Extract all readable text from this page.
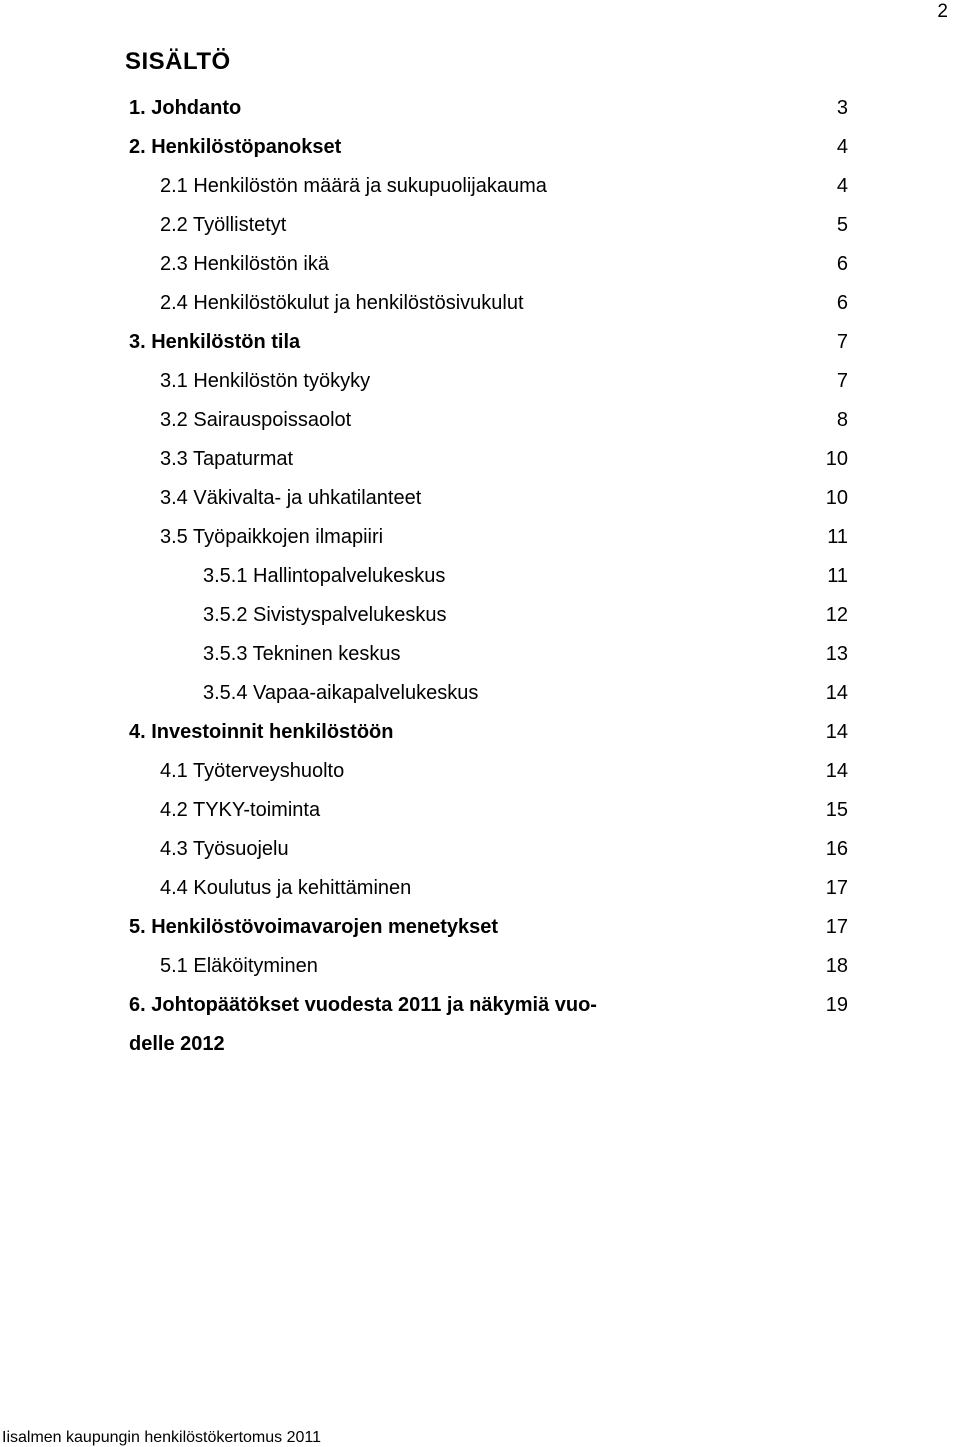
2
SISÄLTÖ
1. Johdanto	3
2. Henkilöstöpanokset	4
2.1 Henkilöstön määrä ja sukupuolijakauma	4
2.2 Työllistetyt	5
2.3 Henkilöstön ikä	6
2.4 Henkilöstökulut ja henkilöstösivukulut	6
3. Henkilöstön tila	7
3.1 Henkilöstön työkyky	7
3.2 Sairauspoissaolot	8
3.3 Tapaturmat	10
3.4 Väkivalta- ja uhkatilanteet	10
3.5 Työpaikkojen ilmapiiri	11
3.5.1 Hallintopalvelukeskus	11
3.5.2 Sivistyspalvelukeskus	12
3.5.3 Tekninen keskus	13
3.5.4 Vapaa-aikapalvelukeskus	14
4. Investoinnit henkilöstöön	14
4.1 Työterveyshuolto	14
4.2 TYKY-toiminta	15
4.3 Työsuojelu	16
4.4 Koulutus ja kehittäminen	17
5. Henkilöstövoimavarojen menetykset	17
5.1 Eläköityminen	18
6. Johtopäätökset vuodesta 2011 ja näkymiä vuo-	19
delle 2012
Iisalmen kaupungin henkilöstökertomus 2011
